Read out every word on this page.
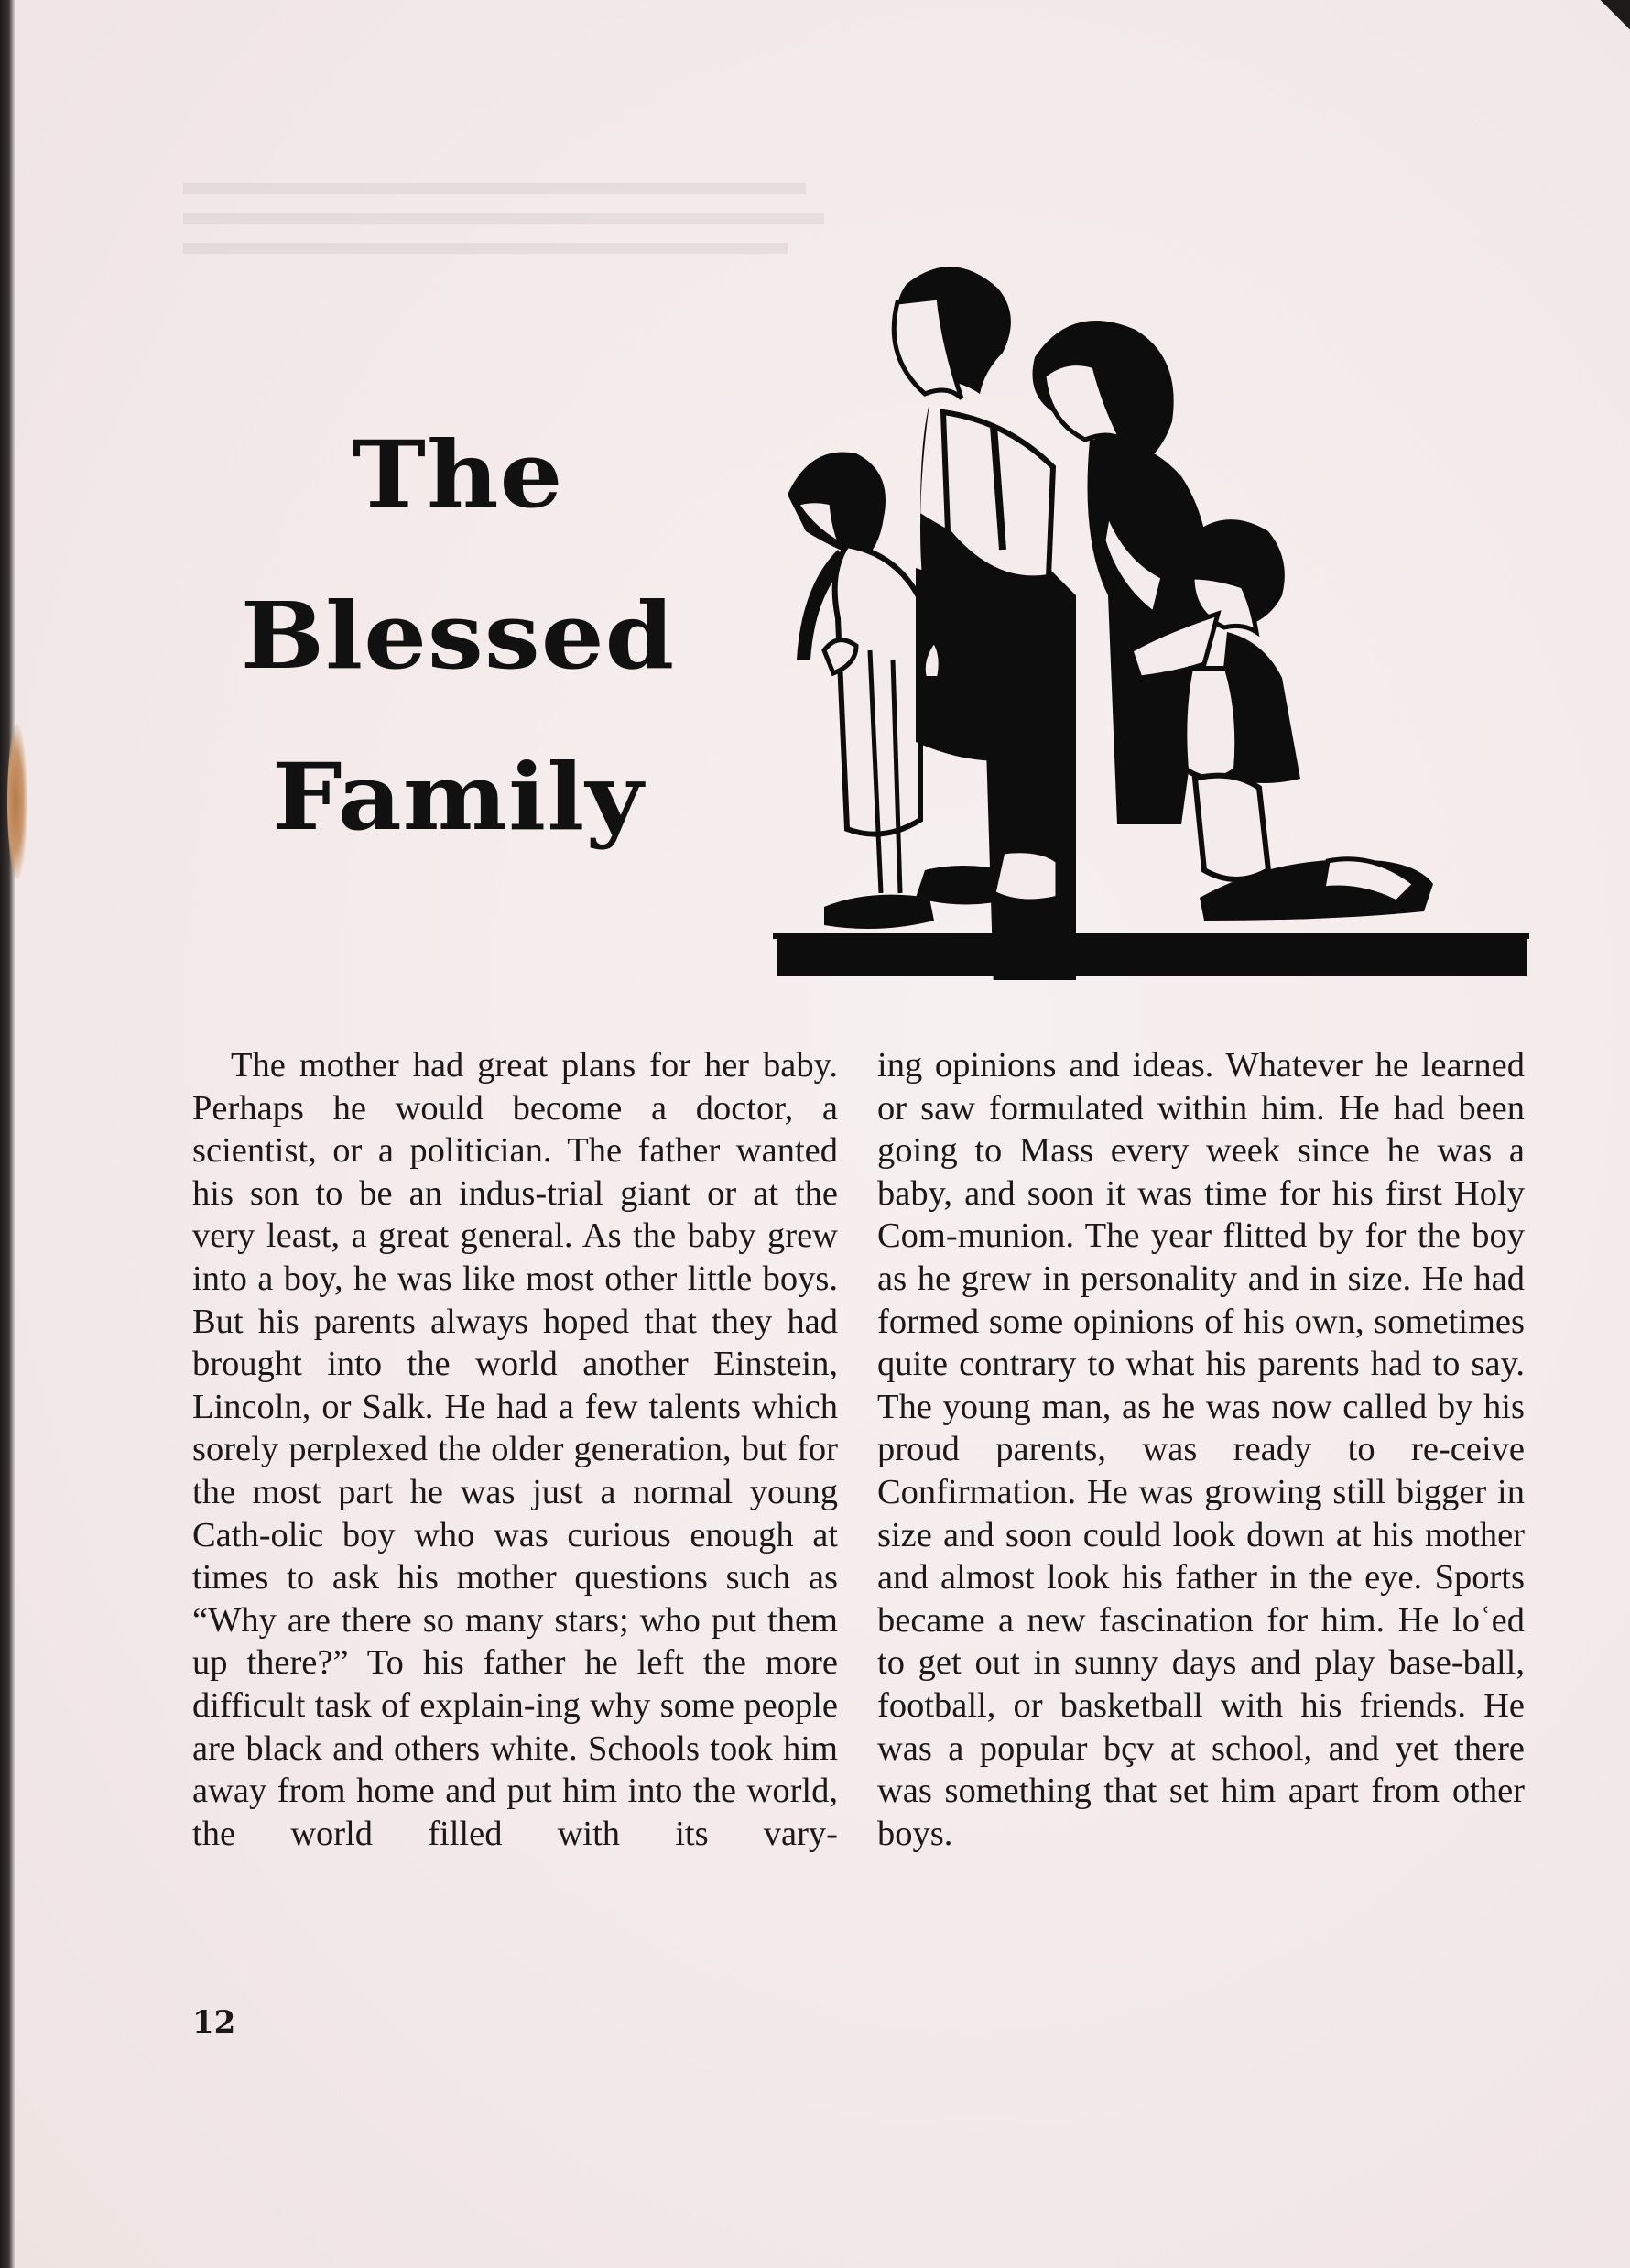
The
Blessed
Family
The mother had great plans for her baby. Perhaps he would become a doctor, a scientist, or a politician. The father wanted his son to be an indus-trial giant or at the very least, a great general. As the baby grew into a boy, he was like most other little boys. But his parents always hoped that they had brought into the world another Einstein, Lincoln, or Salk. He had a few talents which sorely perplexed the older generation, but for the most part he was just a normal young Cath-olic boy who was curious enough at times to ask his mother questions such as “Why are there so many stars; who put them up there?” To his father he left the more difficult task of explain-ing why some people are black and others white. Schools took him away from home and put him into the world, the world filled with its vary-
ing opinions and ideas. Whatever he learned or saw formulated within him. He had been going to Mass every week since he was a baby, and soon it was time for his first Holy Com-munion. The year flitted by for the boy as he grew in personality and in size. He had formed some opinions of his own, sometimes quite contrary to what his parents had to say. The young man, as he was now called by his proud parents, was ready to re-ceive Confirmation. He was growing still bigger in size and soon could look down at his mother and almost look his father in the eye. Sports became a new fascination for him. He loʿed to get out in sunny days and play base-ball, football, or basketball with his friends. He was a popular bçv at school, and yet there was something that set him apart from other boys.
12
